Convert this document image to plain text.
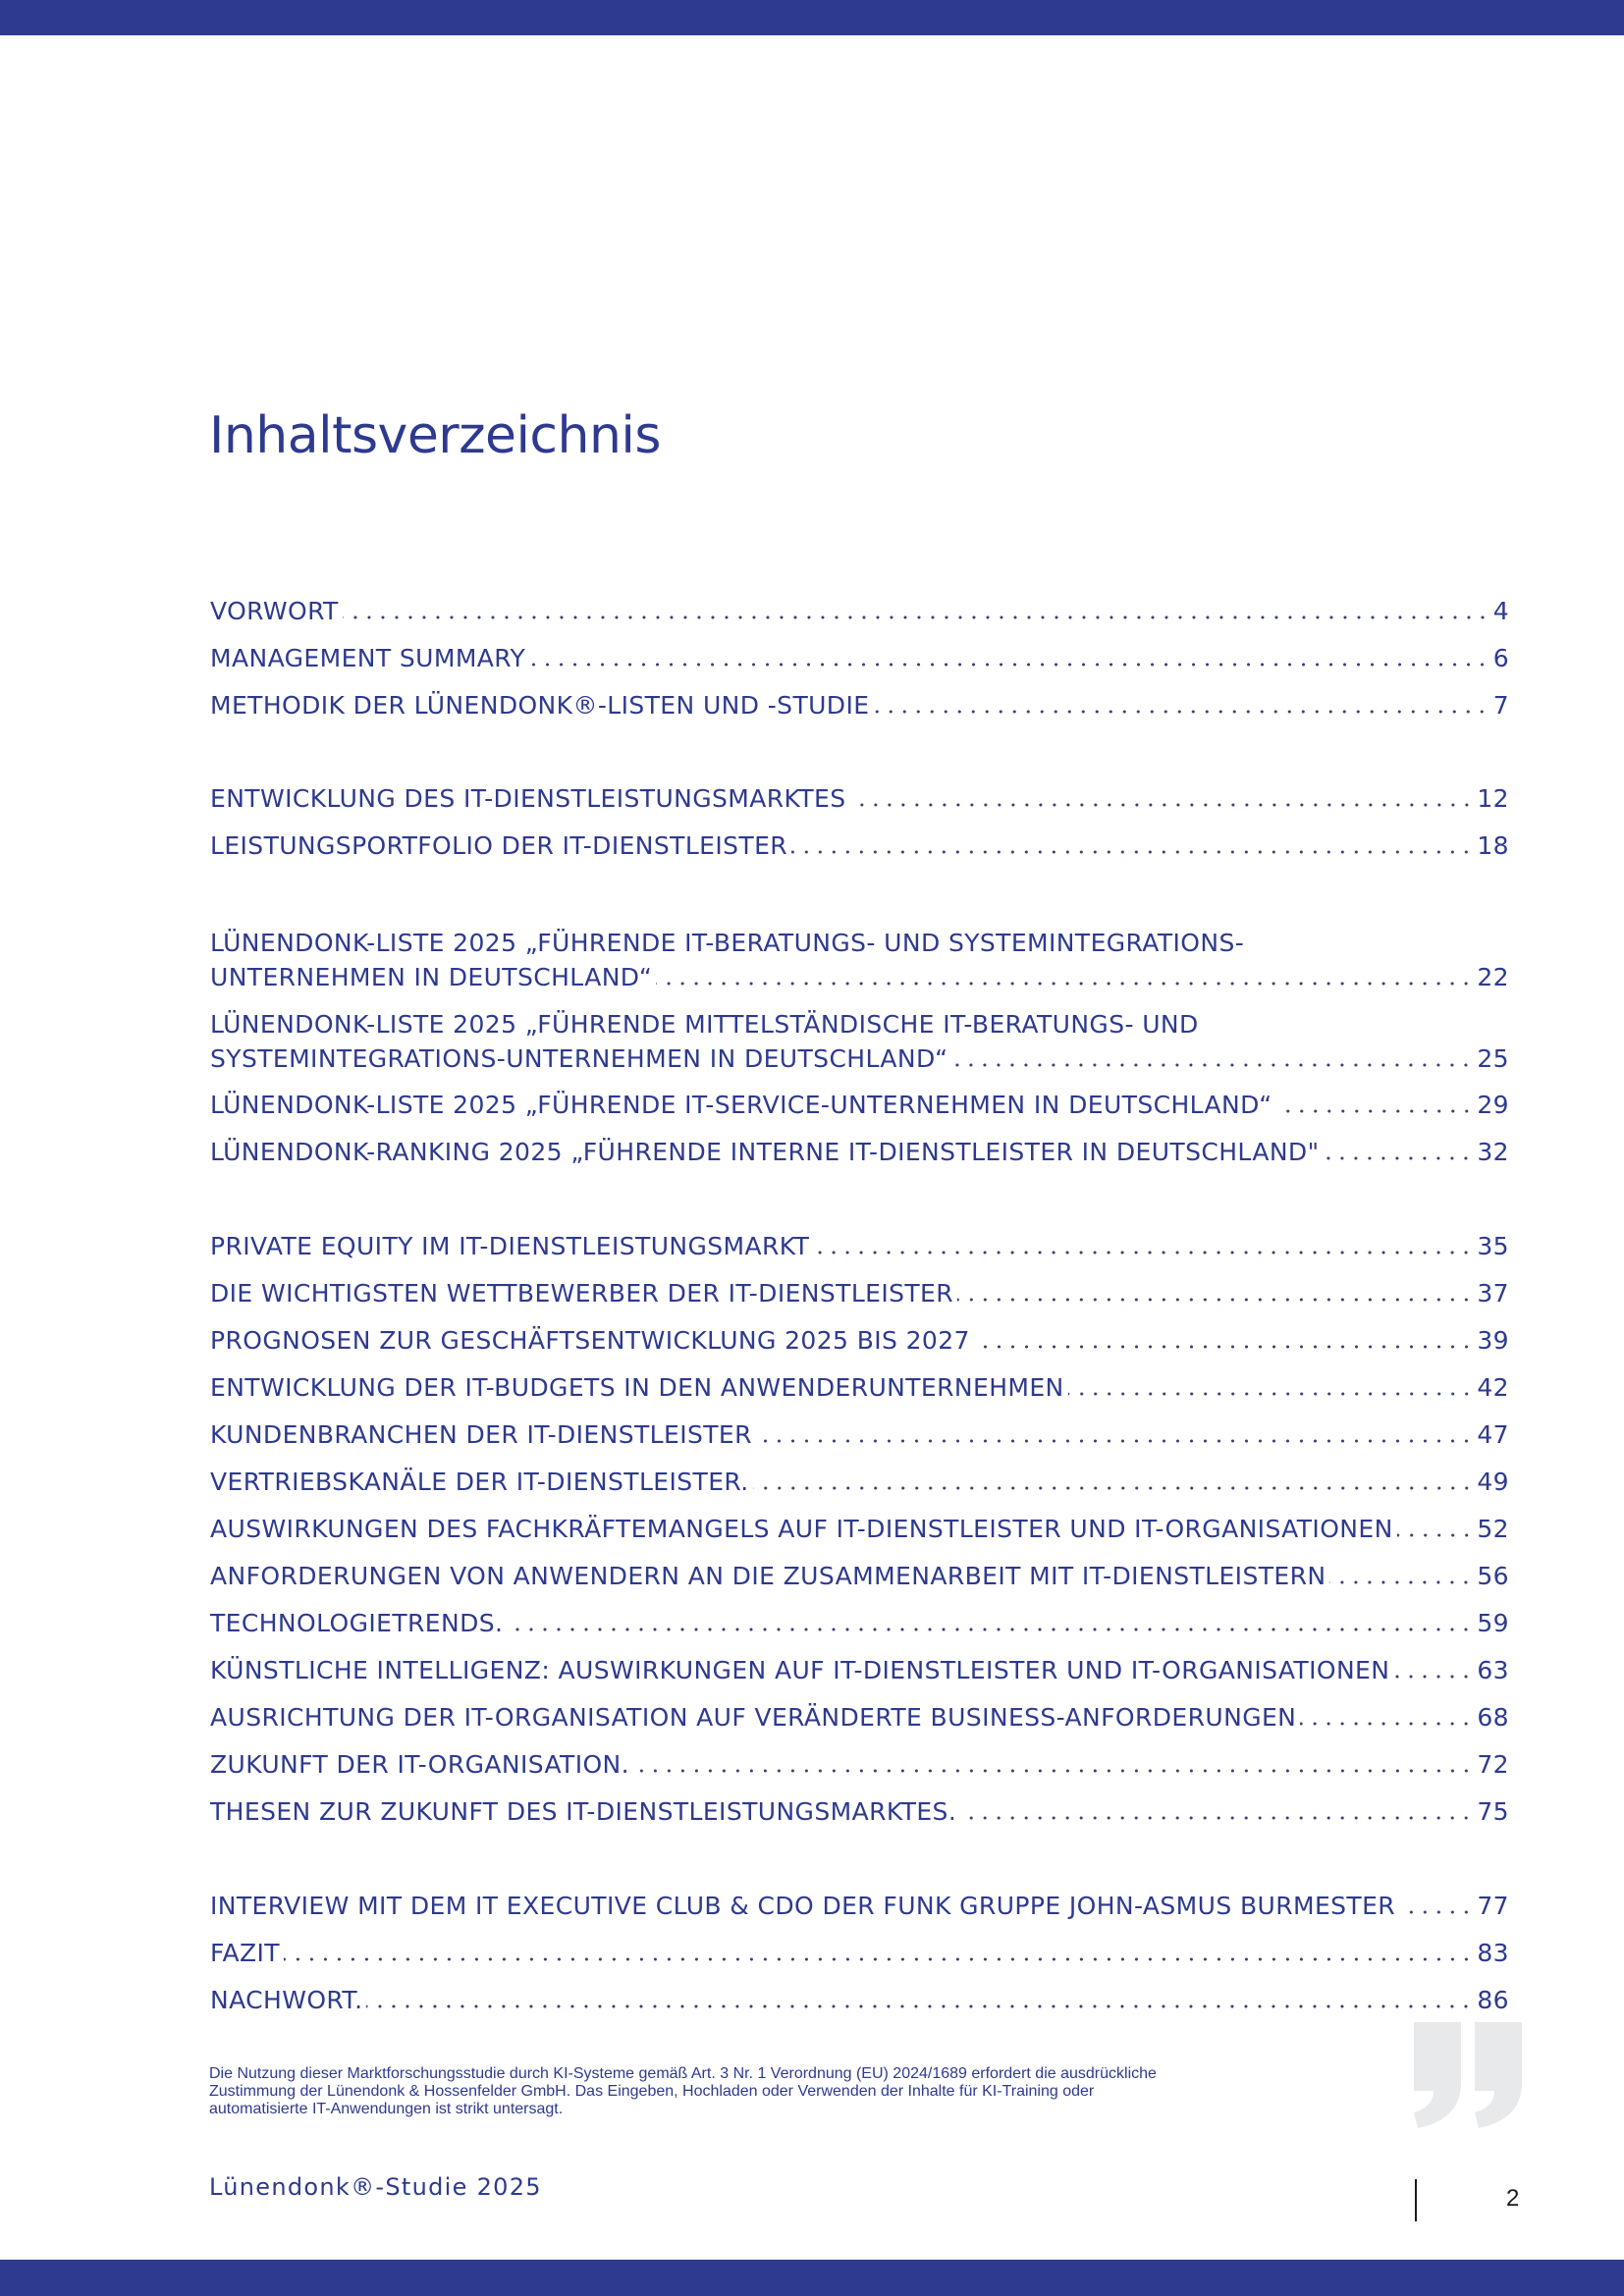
Inhaltsverzeichnis
VORWORT	4
MANAGEMENT SUMMARY	6
METHODIK DER LÜNENDONK®-LISTEN UND -STUDIE	7
ENTWICKLUNG DES IT-DIENSTLEISTUNGSMARKTES	12
LEISTUNGSPORTFOLIO DER IT-DIENSTLEISTER	18
LÜNENDONK-LISTE 2025 „FÜHRENDE IT-BERATUNGS- UND SYSTEMINTEGRATIONS-
UNTERNEHMEN IN DEUTSCHLAND“	22
LÜNENDONK-LISTE 2025 „FÜHRENDE MITTELSTÄNDISCHE IT-BERATUNGS- UND
SYSTEMINTEGRATIONS-UNTERNEHMEN IN DEUTSCHLAND“	25
LÜNENDONK-LISTE 2025 „FÜHRENDE IT-SERVICE-UNTERNEHMEN IN DEUTSCHLAND“	29
LÜNENDONK-RANKING 2025 „FÜHRENDE INTERNE IT-DIENSTLEISTER IN DEUTSCHLAND"	32
PRIVATE EQUITY IM IT-DIENSTLEISTUNGSMARKT	35
DIE WICHTIGSTEN WETTBEWERBER DER IT-DIENSTLEISTER	37
PROGNOSEN ZUR GESCHÄFTSENTWICKLUNG 2025 BIS 2027	39
ENTWICKLUNG DER IT-BUDGETS IN DEN ANWENDERUNTERNEHMEN	42
KUNDENBRANCHEN DER IT-DIENSTLEISTER	47
VERTRIEBSKANÄLE DER IT-DIENSTLEISTER.	49
AUSWIRKUNGEN DES FACHKRÄFTEMANGELS AUF IT-DIENSTLEISTER UND IT-ORGANISATIONEN	52
ANFORDERUNGEN VON ANWENDERN AN DIE ZUSAMMENARBEIT MIT IT-DIENSTLEISTERN	56
TECHNOLOGIETRENDS.	59
KÜNSTLICHE INTELLIGENZ: AUSWIRKUNGEN AUF IT-DIENSTLEISTER UND IT-ORGANISATIONEN	63
AUSRICHTUNG DER IT-ORGANISATION AUF VERÄNDERTE BUSINESS-ANFORDERUNGEN	68
ZUKUNFT DER IT-ORGANISATION.	72
THESEN ZUR ZUKUNFT DES IT-DIENSTLEISTUNGSMARKTES.	75
INTERVIEW MIT DEM IT EXECUTIVE CLUB & CDO DER FUNK GRUPPE JOHN-ASMUS BURMESTER	77
FAZIT	83
NACHWORT.	86
Die Nutzung dieser Marktforschungsstudie durch KI-Systeme gemäß Art. 3 Nr. 1 Verordnung (EU) 2024/1689 erfordert die ausdrückliche
Zustimmung der Lünendonk & Hossenfelder GmbH. Das Eingeben, Hochladen oder Verwenden der Inhalte für KI-Training oder
automatisierte IT-Anwendungen ist strikt untersagt.
Lünendonk®-Studie 2025	2
